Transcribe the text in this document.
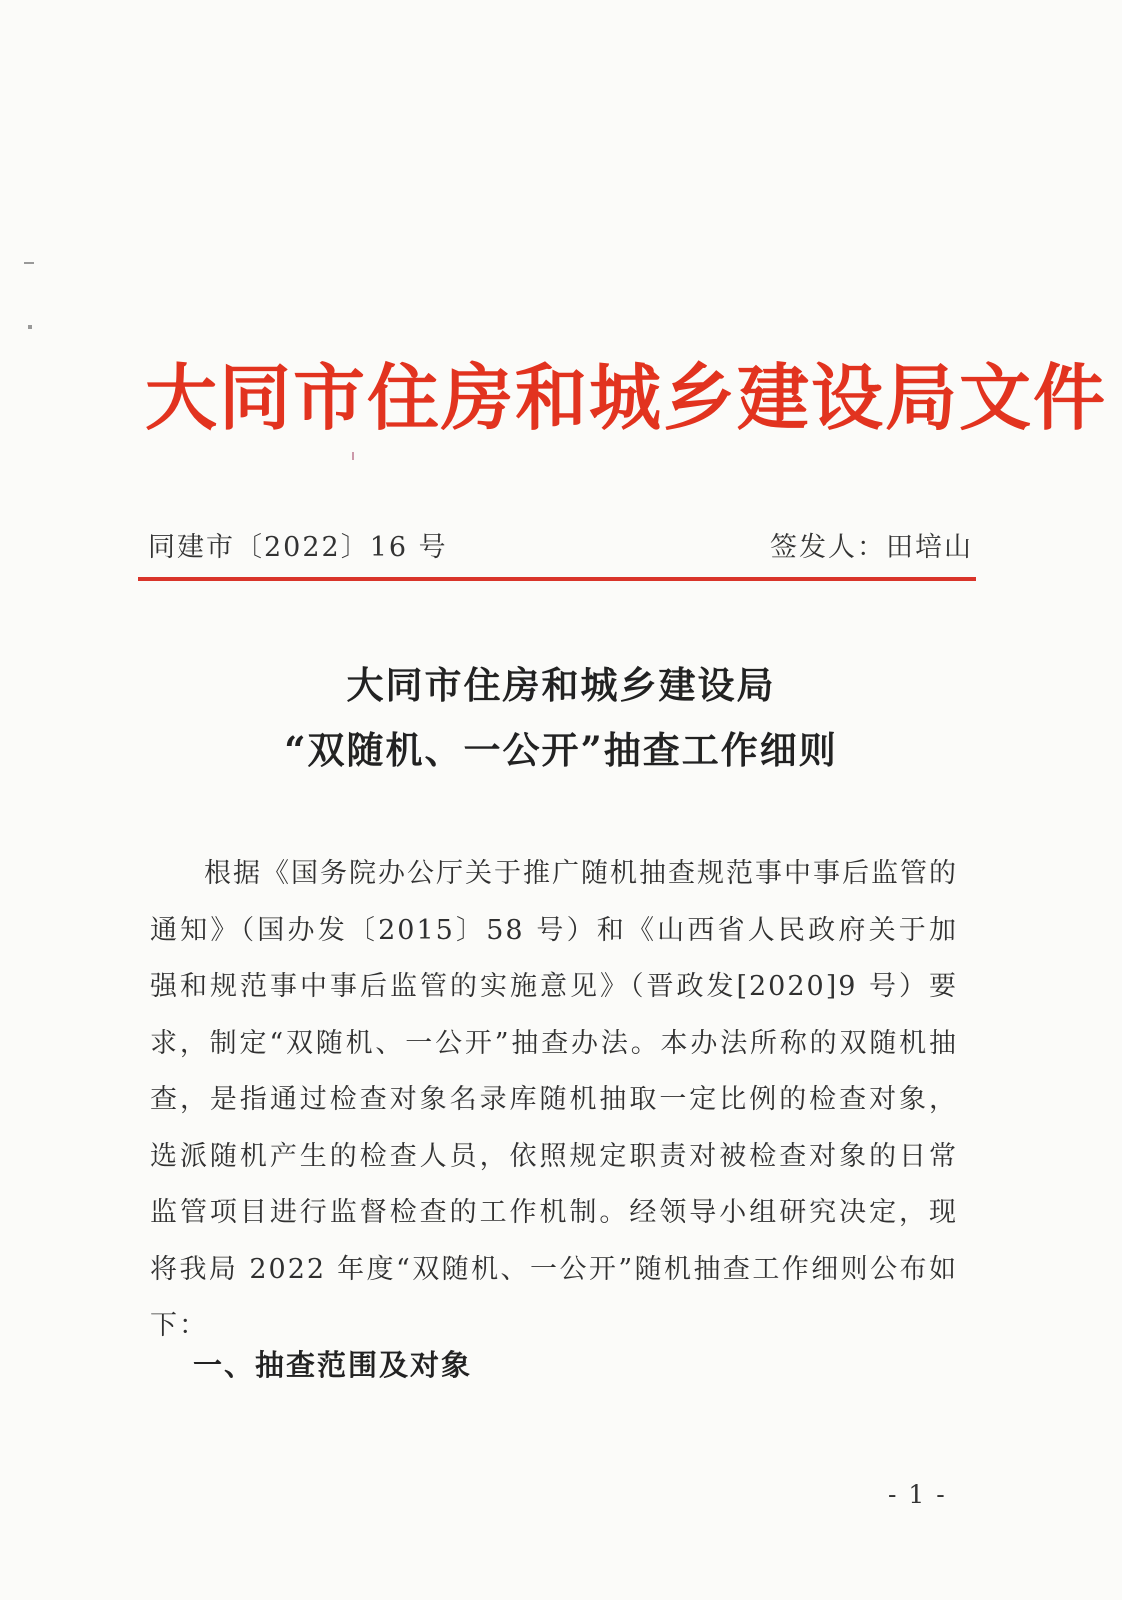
大同市住房和城乡建设局文件
同建市〔2022〕16 号	签发人：田培山
大同市住房和城乡建设局
“双随机、一公开”抽查工作细则
根据《国务院办公厅关于推广随机抽查规范事中事后监管的通知》（国办发〔2015〕58 号）和《山西省人民政府关于加强和规范事中事后监管的实施意见》（晋政发[2020]9 号）要求，制定“双随机、一公开”抽查办法。本办法所称的双随机抽查，是指通过检查对象名录库随机抽取一定比例的检查对象，选派随机产生的检查人员，依照规定职责对被检查对象的日常监管项目进行监督检查的工作机制。经领导小组研究决定，现将我局 2022 年度“双随机、一公开”随机抽查工作细则公布如下：
一、抽查范围及对象
- 1 -
